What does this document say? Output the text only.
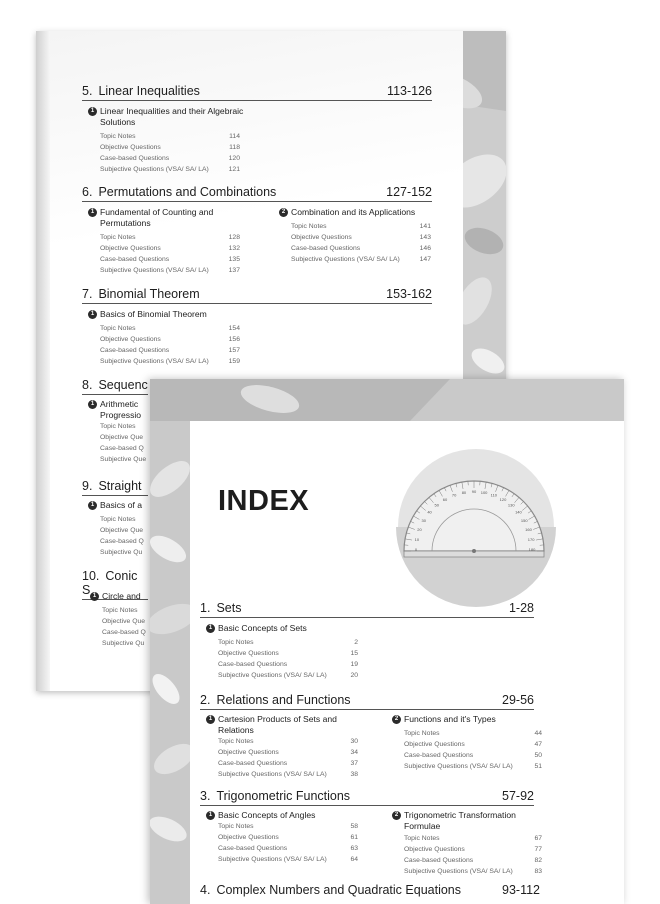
5. Linear Inequalities	113-126
1 Linear Inequalities and their Algebraic Solutions
Topic Notes	114
Objective Questions	118
Case-based Questions	120
Subjective Questions (VSA/ SA/ LA)	121
6. Permutations and Combinations	127-152
1 Fundamental of Counting and Permutations
Topic Notes	128
Objective Questions	132
Case-based Questions	135
Subjective Questions (VSA/ SA/ LA)	137
2 Combination and its Applications
Topic Notes	141
Objective Questions	143
Case-based Questions	146
Subjective Questions (VSA/ SA/ LA)	147
7. Binomial Theorem	153-162
1 Basics of Binomial Theorem
Topic Notes	154
Objective Questions	156
Case-based Questions	157
Subjective Questions (VSA/ SA/ LA)	159
8. Sequenc
1 Arithmetic Progressio
Topic Notes
Objective Que
Case-based Q
Subjective Que
9. Straight
1 Basics of a
Topic Notes
Objective Que
Case-based Q
Subjective Qu
10. Conic S 1 Circle and
Topic Notes
Objective Que
Case-based Q
Subjective Qu
INDEX
0
10
20
30
40
50
60
70
80 90 100
110
120
130
140
150
160
170
180
1. Sets	1-28
1 Basic Concepts of Sets
Topic Notes	2
Objective Questions	15
Case-based Questions	19
Subjective Questions (VSA/ SA/ LA)	20
2. Relations and Functions	29-56
1 Cartesion Products of Sets and Relations
Topic Notes	30
Objective Questions	34
Case-based Questions	37
Subjective Questions (VSA/ SA/ LA)	38
2 Functions and it's Types
Topic Notes	44
Objective Questions	47
Case-based Questions	50
Subjective Questions (VSA/ SA/ LA)	51
3. Trigonometric Functions	57-92
1 Basic Concepts of Angles
Topic Notes	58
Objective Questions	61
Case-based Questions	63
Subjective Questions (VSA/ SA/ LA)	64
2 Trigonometric Transformation Formulae
Topic Notes	67
Objective Questions	77
Case-based Questions	82
Subjective Questions (VSA/ SA/ LA)	83
4. Complex Numbers and Quadratic Equations	93-112
